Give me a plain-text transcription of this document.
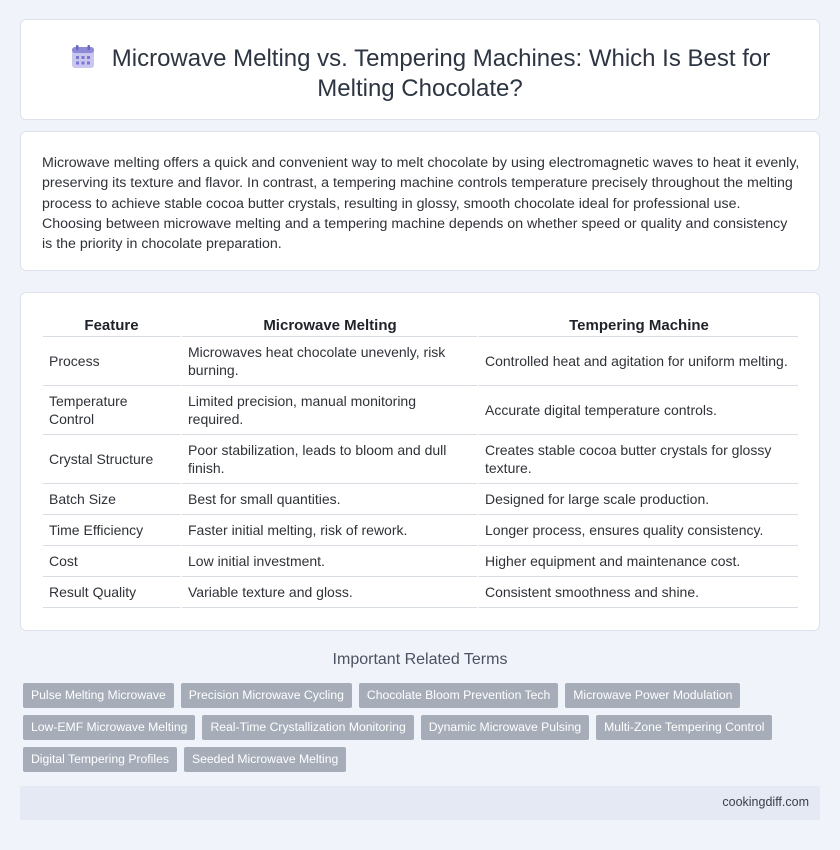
Microwave Melting vs. Tempering Machines: Which Is Best for Melting Chocolate?

Microwave melting offers a quick and convenient way to melt chocolate by using electromagnetic waves to heat it evenly, preserving its texture and flavor. In contrast, a tempering machine controls temperature precisely throughout the melting process to achieve stable cocoa butter crystals, resulting in glossy, smooth chocolate ideal for professional use. Choosing between microwave melting and a tempering machine depends on whether speed or quality and consistency is the priority in chocolate preparation.

Feature	Microwave Melting	Tempering Machine
Process	Microwaves heat chocolate unevenly, risk burning.	Controlled heat and agitation for uniform melting.
Temperature Control	Limited precision, manual monitoring required.	Accurate digital temperature controls.
Crystal Structure	Poor stabilization, leads to bloom and dull finish.	Creates stable cocoa butter crystals for glossy texture.
Batch Size	Best for small quantities.	Designed for large scale production.
Time Efficiency	Faster initial melting, risk of rework.	Longer process, ensures quality consistency.
Cost	Low initial investment.	Higher equipment and maintenance cost.
Result Quality	Variable texture and gloss.	Consistent smoothness and shine.
Important Related Terms
Pulse Melting Microwave	Precision Microwave Cycling	Chocolate Bloom Prevention Tech	Microwave Power Modulation
Low-EMF Microwave Melting	Real-Time Crystallization Monitoring	Dynamic Microwave Pulsing	Multi-Zone Tempering Control
Digital Tempering Profiles	Seeded Microwave Melting
cookingdiff.com
